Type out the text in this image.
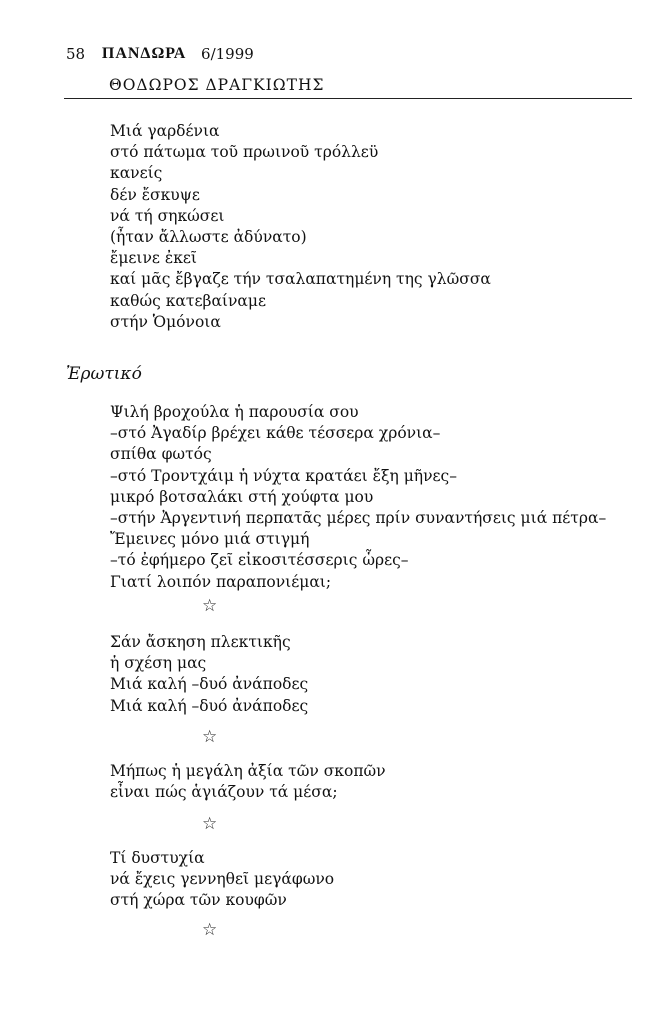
58 ΠΑΝΔΩΡΑ 6/1999
ΘΟΔΩΡΟΣ ΔΡΑΓΚΙΩΤΗΣ
Μιά γαρδένια
στό πάτωμα τοῦ πρωινοῦ τρόλλεϋ
κανείς
δέν ἔσκυψε
νά τή σηκώσει
(ἦταν ἄλλωστε ἀδύνατο)
ἔμεινε ἐκεῖ
καί μᾶς ἔβγαζε τήν τσαλαπατημένη της γλῶσσα
καθώς κατεβαίναμε
στήν Ὁμόνοια
Ἐρωτικό
Ψιλή βροχούλα ἡ παρουσία σου
–στό Ἀγαδίρ βρέχει κάθε τέσσερα χρόνια–
σπίθα φωτός
–στό Τροντχάιμ ἡ νύχτα κρατάει ἔξη μῆνες–
μικρό βοτσαλάκι στή χούφτα μου
–στήν Ἀργεντινή περπατᾶς μέρες πρίν συναντήσεις μιά πέτρα–
Ἔμεινες μόνο μιά στιγμή
–τό ἐφήμερο ζεῖ εἰκοσιτέσσερις ὧρες–
Γιατί λοιπόν παραπονιέμαι;
☆
Σάν ἄσκηση πλεκτικῆς
ἡ σχέση μας
Μιά καλή –δυό ἀνάποδες
Μιά καλή –δυό ἀνάποδες
☆
Μήπως ἡ μεγάλη ἀξία τῶν σκοπῶν
εἶναι πώς ἁγιάζουν τά μέσα;
☆
Τί δυστυχία
νά ἔχεις γεννηθεῖ μεγάφωνο
στή χώρα τῶν κουφῶν
☆
